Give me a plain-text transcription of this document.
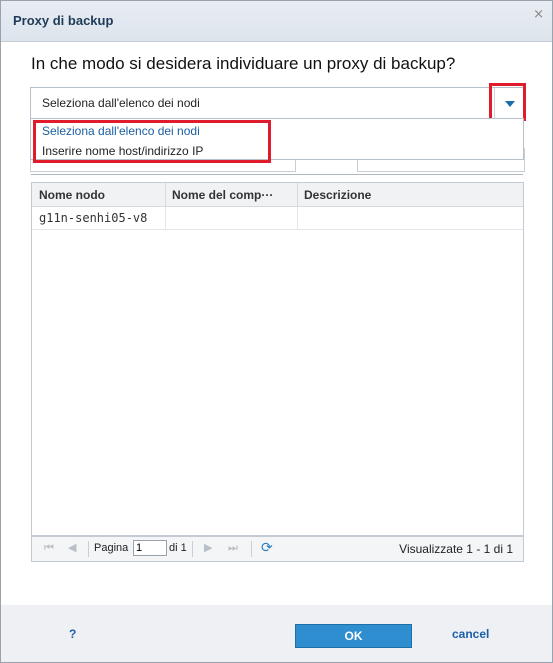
Proxy di backup	×
In che modo si desidera individuare un proxy di backup?
Seleziona dall'elenco dei nodi
Seleziona dall'elenco dei nodi
Inserire nome host/indirizzo IP
Nome nodo	Nome del comp···	Descrizione
g11n-senhi05-v8
⏮ ◀ Pagina
1	di 1 ▶ ⏭ ⟳	Visualizzate 1 - 1 di 1
?	OK	cancel
